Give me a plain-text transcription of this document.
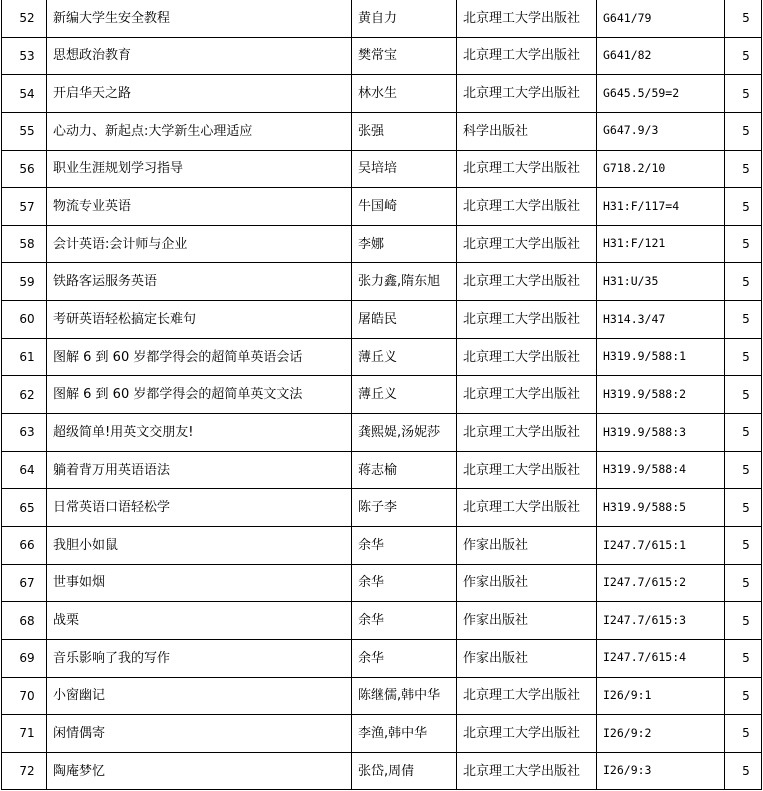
52	新编大学生安全教程	黄自力	北京理工大学出版社	G641/79	5
53	思想政治教育	樊常宝	北京理工大学出版社	G641/82	5
54	开启华天之路	林水生	北京理工大学出版社	G645.5/59=2	5
55	心动力、新起点:大学新生心理适应	张强	科学出版社	G647.9/3	5
56	职业生涯规划学习指导	吴培培	北京理工大学出版社	G718.2/10	5
57	物流专业英语	牛国崎	北京理工大学出版社	H31:F/117=4	5
58	会计英语:会计师与企业	李娜	北京理工大学出版社	H31:F/121	5
59	铁路客运服务英语	张力鑫,隋东旭	北京理工大学出版社	H31:U/35	5
60	考研英语轻松搞定长难句	屠皓民	北京理工大学出版社	H314.3/47	5
61	图解 6 到 60 岁都学得会的超简单英语会话	薄丘义	北京理工大学出版社	H319.9/588:1	5
62	图解 6 到 60 岁都学得会的超简单英文文法	薄丘义	北京理工大学出版社	H319.9/588:2	5
63	超级简单!用英文交朋友!	龚熙媞,汤妮莎	北京理工大学出版社	H319.9/588:3	5
64	躺着背万用英语语法	蒋志榆	北京理工大学出版社	H319.9/588:4	5
65	日常英语口语轻松学	陈子李	北京理工大学出版社	H319.9/588:5	5
66	我胆小如鼠	余华	作家出版社	I247.7/615:1	5
67	世事如烟	余华	作家出版社	I247.7/615:2	5
68	战栗	余华	作家出版社	I247.7/615:3	5
69	音乐影响了我的写作	余华	作家出版社	I247.7/615:4	5
70	小窗幽记	陈继儒,韩中华	北京理工大学出版社	I26/9:1	5
71	闲情偶寄	李渔,韩中华	北京理工大学出版社	I26/9:2	5
72	陶庵梦忆	张岱,周倩	北京理工大学出版社	I26/9:3	5
